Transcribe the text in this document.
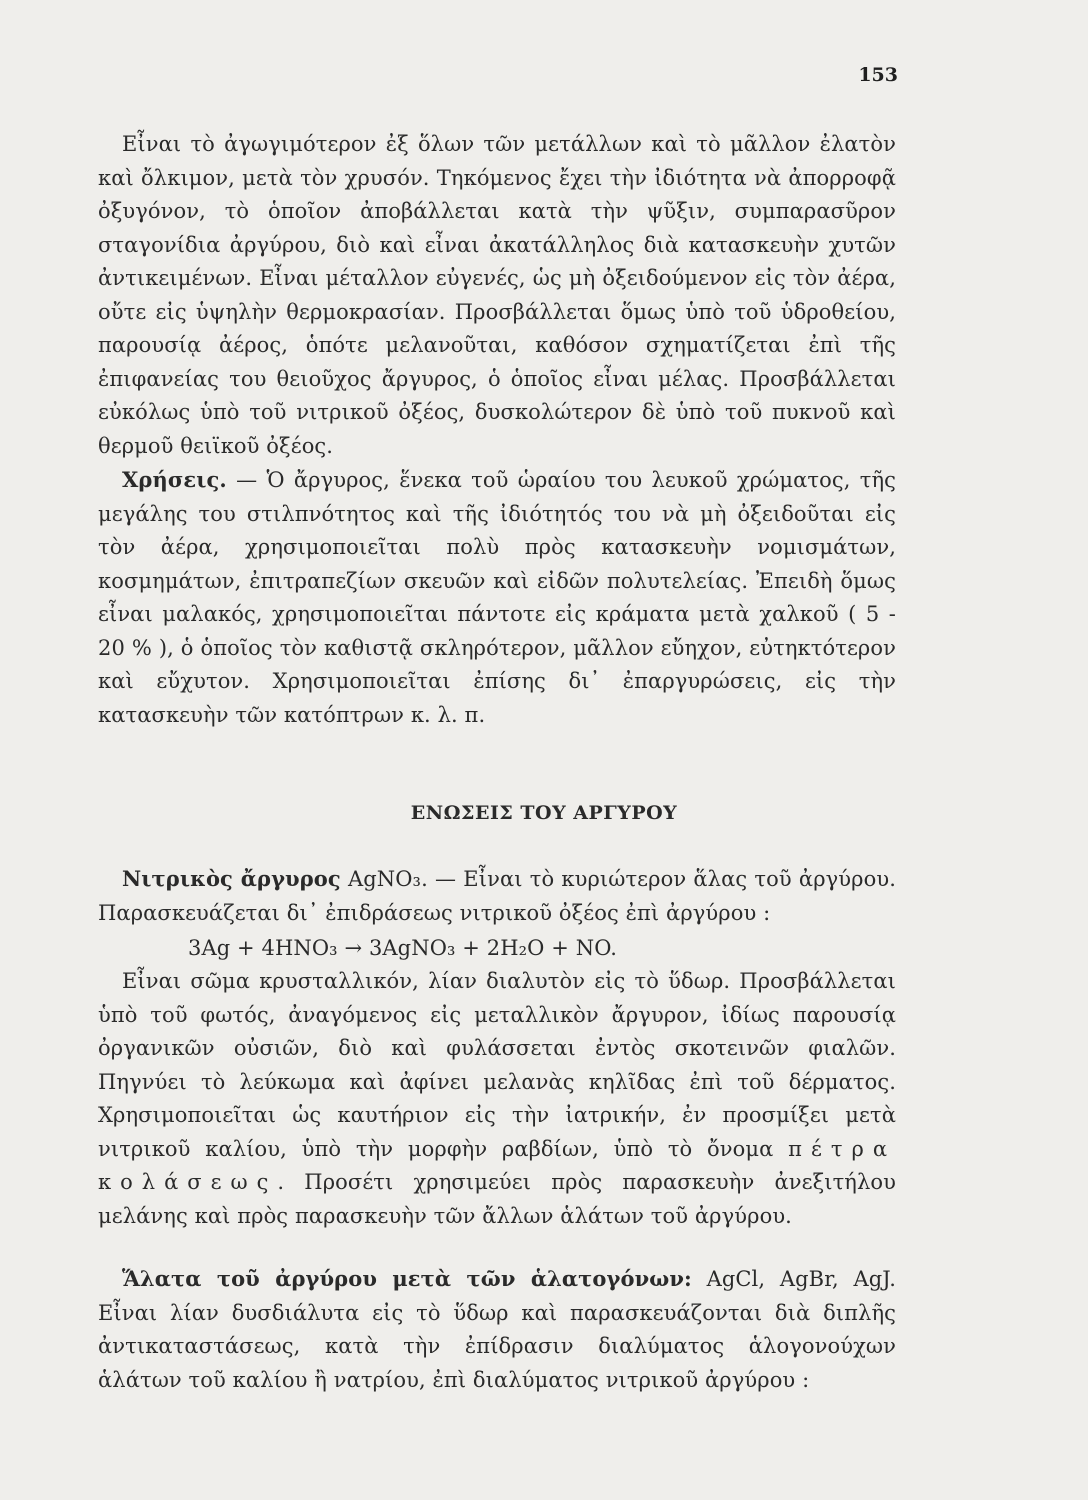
153

Εἶναι τὸ ἀγωγιμότερον ἐξ ὅλων τῶν μετάλλων καὶ τὸ μᾶλλον ἐλατὸν καὶ ὄλκιμον, μετὰ τὸν χρυσόν. Τηκόμενος ἔχει τὴν ἰδιότητα νὰ ἀπορροφᾷ ὀξυγόνον, τὸ ὁποῖον ἀποβάλλεται κατὰ τὴν ψῦξιν, συμπαρασῦρον σταγονίδια ἀργύρου, διὸ καὶ εἶναι ἀκατάλληλος διὰ κατασκευὴν χυτῶν ἀντικειμένων. Εἶναι μέταλλον εὐγενές, ὡς μὴ ὀξειδούμενον εἰς τὸν ἀέρα, οὔτε εἰς ὑψηλὴν θερμοκρασίαν. Προσβάλλεται ὅμως ὑπὸ τοῦ ὑδροθείου, παρουσίᾳ ἀέρος, ὁπότε μελανοῦται, καθόσον σχηματίζεται ἐπὶ τῆς ἐπιφανείας του θειοῦχος ἄργυρος, ὁ ὁποῖος εἶναι μέλας. Προσβάλλεται εὐκόλως ὑπὸ τοῦ νιτρικοῦ ὀξέος, δυσκολώτερον δὲ ὑπὸ τοῦ πυκνοῦ καὶ θερμοῦ θειϊκοῦ ὀξέος.

Χρήσεις. — Ὁ ἄργυρος, ἕνεκα τοῦ ὡραίου του λευκοῦ χρώματος, τῆς μεγάλης του στιλπνότητος καὶ τῆς ἰδιότητός του νὰ μὴ ὀξειδοῦται εἰς τὸν ἀέρα, χρησιμοποιεῖται πολὺ πρὸς κατασκευὴν νομισμάτων, κοσμημάτων, ἐπιτραπεζίων σκευῶν καὶ εἰδῶν πολυτελείας. Ἐπειδὴ ὅμως εἶναι μαλακός, χρησιμοποιεῖται πάντοτε εἰς κράματα μετὰ χαλκοῦ ( 5 - 20 % ), ὁ ὁποῖος τὸν καθιστᾷ σκληρότερον, μᾶλλον εὔηχον, εὐτηκτότερον καὶ εὔχυτον. Χρησιμοποιεῖται ἐπίσης δι᾽ ἐπαργυρώσεις, εἰς τὴν κατασκευὴν τῶν κατόπτρων κ. λ. π.

ΕΝΩΣΕΙΣ ΤΟΥ ΑΡΓΥΡΟΥ

Νιτρικὸς ἄργυρος AgNO₃. — Εἶναι τὸ κυριώτερον ἅλας τοῦ ἀργύρου. Παρασκευάζεται δι᾽ ἐπιδράσεως νιτρικοῦ ὀξέος ἐπὶ ἀργύρου :

3Ag + 4HNO₃ → 3AgNO₃ + 2H₂O + NO.

Εἶναι σῶμα κρυσταλλικόν, λίαν διαλυτὸν εἰς τὸ ὕδωρ. Προσβάλλεται ὑπὸ τοῦ φωτός, ἀναγόμενος εἰς μεταλλικὸν ἄργυρον, ἰδίως παρουσίᾳ ὀργανικῶν οὐσιῶν, διὸ καὶ φυλάσσεται ἐντὸς σκοτεινῶν φιαλῶν. Πηγνύει τὸ λεύκωμα καὶ ἀφίνει μελανὰς κηλῖδας ἐπὶ τοῦ δέρματος. Χρησιμοποιεῖται ὡς καυτήριον εἰς τὴν ἰατρικήν, ἐν προσμίξει μετὰ νιτρικοῦ καλίου, ὑπὸ τὴν μορφὴν ραβδίων, ὑπὸ τὸ ὄνομα πέτρα κολάσεως. Προσέτι χρησιμεύει πρὸς παρασκευὴν ἀνεξιτήλου μελάνης καὶ πρὸς παρασκευὴν τῶν ἄλλων ἁλάτων τοῦ ἀργύρου.

Ἅλατα τοῦ ἀργύρου μετὰ τῶν ἁλατογόνων: AgCl, AgBr, AgJ. Εἶναι λίαν δυσδιάλυτα εἰς τὸ ὕδωρ καὶ παρασκευάζονται διὰ διπλῆς ἀντικαταστάσεως, κατὰ τὴν ἐπίδρασιν διαλύματος ἁλογονούχων ἁλάτων τοῦ καλίου ἢ νατρίου, ἐπὶ διαλύματος νιτρικοῦ ἀργύρου :
